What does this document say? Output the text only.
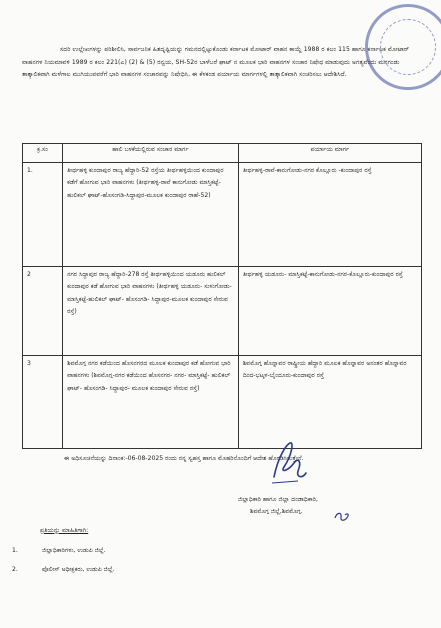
ಸದರಿ ಉಲ್ಲೇಖಗಳನ್ನು ಪರಿಶೀಲಿಸಿ, ಸಾರ್ವಜನಿಕ ಹಿತದೃಷ್ಟಿಯನ್ನು ಗಮನದಲ್ಲಿಟ್ಟುಕೊಂಡು ಕರ್ನಾಟಕ ಮೋಟಾರ್ ವಾಹನ ಕಾಯ್ದೆ 1988 ರ ಕಲಂ 115 ಹಾಗೂ ಕರ್ನಾಟಕ ಮೋಟಾರ್ ವಾಹನಗಳ ನಿಯಮಾವಳಿ 1989 ರ ಕಲಂ 221(ಎ) (2) & (5) ರನ್ವಯ, SH-52ರ ಬಾಳೆಬರೆ ಘಾಟ್ ನ ಮೂಲಕ ಭಾರಿ ವಾಹನಗಳ ಸಂಚಾರ ನಿಷೇಧ ಮಾಡುವುದು ಅಗತ್ಯವೆಂದು ಮನಗಂಡು ತಾತ್ಕಾಲಿಕವಾಗಿ ಮಳೆಗಾಲ ಮುಗಿಯುವವರೆಗೆ ಭಾರಿ ವಾಹನಗಳ ಸಂಚಾರವನ್ನು ನಿಷೇಧಿಸಿ, ಈ ಕೆಳಕಂಡ ಪರ್ಯಾಯ ಮಾರ್ಗಗಳಲ್ಲಿ ತಾತ್ಕಾಲಿಕವಾಗಿ ಸಂಚರಿಸಲು ಆದೇಶಿಸಿದೆ.

ಕ್ರ.ಸಂ	ಹಾಲಿ ಬಳಕೆಯಲ್ಲಿರುವ ಸಂಚಾರ ಮಾರ್ಗ	ಪರ್ಯಾಯ ಮಾರ್ಗ

1.	ತೀರ್ಥಹಳ್ಳಿ ಕುಂದಾಪುರ ರಾಜ್ಯ ಹೆದ್ದಾರಿ-52 ರಸ್ತೆಯ ತೀರ್ಥಹಳ್ಳಿಯಿಂದ ಕುಂದಾಪುರ ಕಡೆಗೆ ಹೋಗುವ ಭಾರಿ ವಾಹನಗಳು (ತೀರ್ಥಹಳ್ಳಿ-ರಾವೆ ಕಾನುಗೋಡು ಮಾಸ್ತಿಕಟ್ಟೆ-ಹುಲಿಕಲ್ ಘಾಟ್-ಹೊಸಂಗಡಿ-ಸಿದ್ದಾಪುರ-ಮೂಲಕ ಕುಂದಾಪುರ ರಾಹೆ-52)	ತೀರ್ಥಹಳ್ಳಿ-ರಾವೆ-ಕಾನುಗೋಡು-ನಗರ ಕೊಲ್ಲೂರು -ಕುಂದಾಪುರ ರಸ್ತೆ

2	ನಗರ ಸಿದ್ದಾಪುರ ರಾಜ್ಯ ಹೆದ್ದಾರಿ-278 ರಸ್ತೆ ತೀರ್ಥಹಳ್ಳಿಯಿಂದ ಯಡೂರು ಹುಲಿಕಲ್ ಕುಂದಾಪುರ ಕಡೆ ಹೋಗುವ ಭಾರಿ ವಾಹನಗಳು (ತೀರ್ಥಹಳ್ಳಿ ಯಡೂರು- ಸುಳುಗೋಡು-ಮಾಸ್ತಿಕಟ್ಟೆ-ಹುಲಿಕಲ್ ಘಾಟ್- ಹೊಸಂಗಡಿ- ಸಿದ್ದಾಪುರ-ಮೂಲಕ ಕುಂದಾಪುರ ಸೇರುವ ರಸ್ತೆ)	ತೀರ್ಥಹಳ್ಳಿ ಯಡೂರು- ಮಾಸ್ತಿಕಟ್ಟೆ-ಕಾನುಗೋಡು-ನಗರ-ಕೊಲ್ಲೂರು-ಕುಂದಾಪುರ ರಸ್ತೆ

3	ಶಿವಮೊಗ್ಗ ನಗರ ಕಡೆಯಿಂದ ಹೊಸನಗರದ ಮೂಲಕ ಕುಂದಾಪುರ ಕಡೆ ಹೋಗುವ ಭಾರಿ ವಾಹನಗಳು (ಶಿವಮೊಗ್ಗ-ನಗರ ಕಡೆಯಿಂದ ಹೊಸನಗರ- ನಗರ- ಮಾಸ್ತಿಕಟ್ಟೆ- ಹುಲಿಕಲ್ ಘಾಟ್- ಹೊಸಂಗಡಿ- ಸಿದ್ದಾಪುರ- ಮೂಲಕ ಕುಂದಾಪುರ ಸೇರುವ ರಸ್ತೆ)	ಶಿವಮೊಗ್ಗ ಹೊನ್ನಾವರ ರಾಷ್ಟ್ರೀಯ ಹೆದ್ದಾರಿ ಮೂಲಕ ಹೊನ್ನಾವರ ಅನಂತರ ಹೊನ್ನಾವರ ದಿಂದ-ಭಟ್ಕಳ-ಬೈಂದೂರು-ಕುಂದಾಪುರ ರಸ್ತೆ

ಈ ಅಧಿಸೂಚನೆಯನ್ನು ದಿನಾಂಕ:-06-08-2025 ರಂದು ನನ್ನ ಸ್ವಹಸ್ತ ಹಾಗೂ ಮೊಹರಿನೊಂದಿಗೆ ಆದೇಶ ಹೊರಡಿಸಿರುತ್ತೇನೆ.

ಜಿಲ್ಲಾಧಿಕಾರಿ ಹಾಗೂ ಜಿಲ್ಲಾ ದಂಡಾಧಿಕಾರಿ,
ಶಿವಮೊಗ್ಗ ಜಿಲ್ಲೆ,ಶಿವಮೊಗ್ಗ.
ಪ್ರತಿಯನ್ನು ಮಾಹಿತಿಗಾಗಿ:
1.	ಜಿಲ್ಲಾಧಿಕಾರಿಗಳು, ಉಡುಪಿ ಜಿಲ್ಲೆ.
2.	ಪೊಲೀಸ್ ಅಧೀಕ್ಷಕರು, ಉಡುಪಿ ಜಿಲ್ಲೆ.
